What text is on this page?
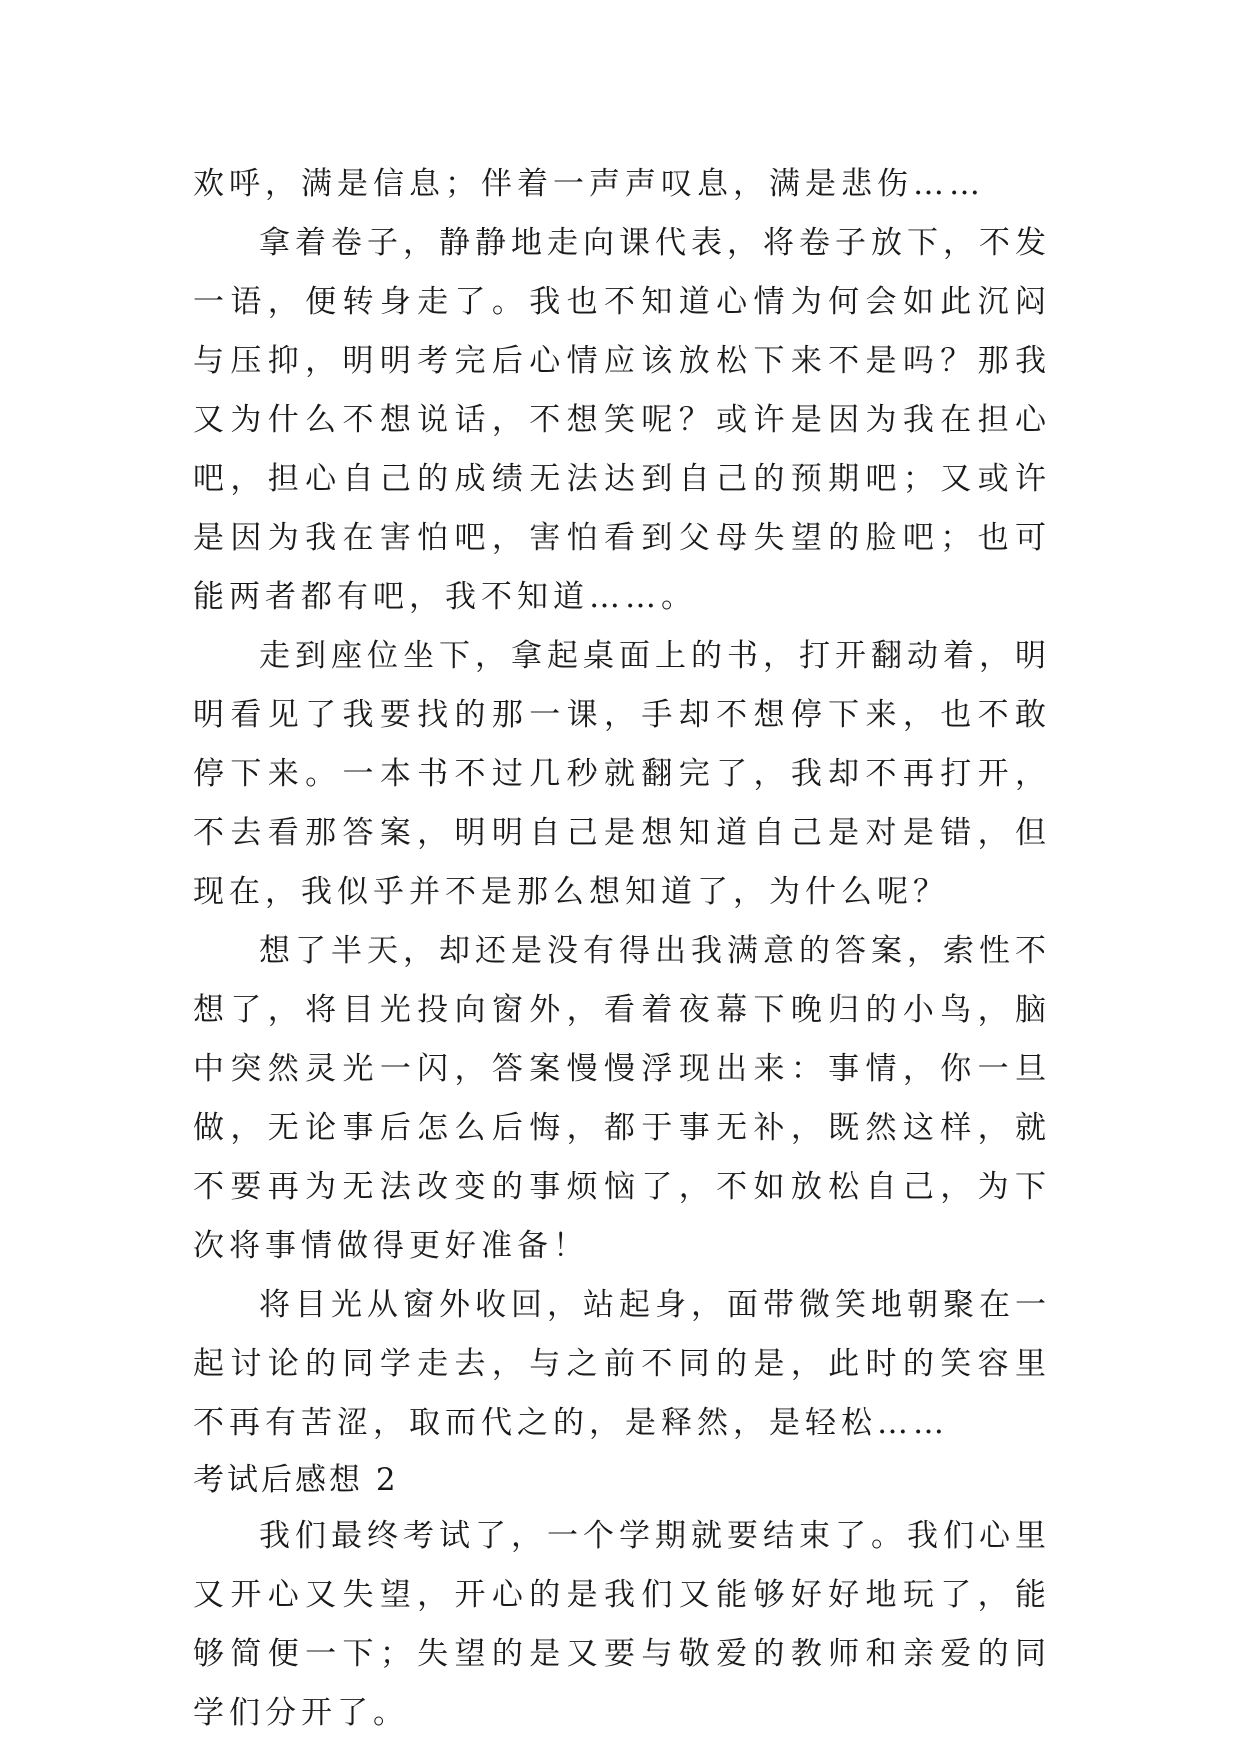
欢呼，满是信息；伴着一声声叹息，满是悲伤……

拿着卷子，静静地走向课代表，将卷子放下，不发一语，便转身走了。我也不知道心情为何会如此沉闷与压抑，明明考完后心情应该放松下来不是吗？那我又为什么不想说话，不想笑呢？或许是因为我在担心吧，担心自己的成绩无法达到自己的预期吧；又或许是因为我在害怕吧，害怕看到父母失望的脸吧；也可能两者都有吧，我不知道……。

走到座位坐下，拿起桌面上的书，打开翻动着，明明看见了我要找的那一课，手却不想停下来，也不敢停下来。一本书不过几秒就翻完了，我却不再打开，不去看那答案，明明自己是想知道自己是对是错，但现在，我似乎并不是那么想知道了，为什么呢？

想了半天，却还是没有得出我满意的答案，索性不想了，将目光投向窗外，看着夜幕下晚归的小鸟，脑中突然灵光一闪，答案慢慢浮现出来：事情，你一旦做，无论事后怎么后悔，都于事无补，既然这样，就不要再为无法改变的事烦恼了，不如放松自己，为下次将事情做得更好准备！

将目光从窗外收回，站起身，面带微笑地朝聚在一起讨论的同学走去，与之前不同的是，此时的笑容里不再有苦涩，取而代之的，是释然，是轻松……

考试后感想 2

我们最终考试了，一个学期就要结束了。我们心里又开心又失望，开心的是我们又能够好好地玩了，能够简便一下；失望的是又要与敬爱的教师和亲爱的同学们分开了。
